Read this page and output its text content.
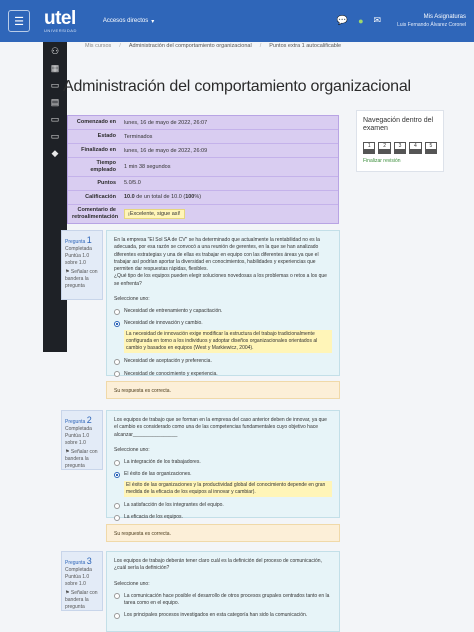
☰ utel
UNIVERSIDAD
Accesos directos ▾	💬 ● ✉	Mis Asignaturas
Luis Fernando Álvarez Coronel
⚇
▦
▭
▤
▭
▭
◆
Mis cursos / Administración del comportamiento organizacional / Puntos extra 1 autocalificable
Administración del comportamiento organizacional
Comenzado en	lunes, 16 de mayo de 2022, 26:07
Estado	Terminados
Finalizado en	lunes, 16 de mayo de 2022, 26:09
Tiempo empleado	1 min 38 segundos
Puntos	5.0/5.0
Calificación	10.0 de un total de 10.0 (100%)
Comentario de retroalimentación	¡Excelente, sigue así!
Navegación dentro del examen
1	2	3	4	5
Finalizar revisión
Pregunta 1
Completada
Puntúa 1.0 sobre 1.0
⚑ Señalar con bandera la pregunta
En la empresa "El Sol SA de CV" se ha determinado que actualmente la rentabilidad no es la adecuada, por esa razón se convocó a una reunión de gerentes, en la que se han analizado diferentes estrategias y una de ellas es trabajar en equipo con las diferentes áreas ya que el trabajar así podrían aportar la diversidad en conocimientos, habilidades y experiencias que permiten dar respuestas rápidas, flexibles.
¿Qué tipo de los equipos pueden elegir soluciones novedosas a los problemas o retos a los que se enfrenta?
Seleccione uno:
Necesidad de entrenamiento y capacitación.
Necesidad de innovación y cambio.
La necesidad de innovación exige modificar la estructura del trabajo tradicionalmente configurada en torno a los individuos y adoptar diseños organizacionales orientados al cambio y basados en equipos (West y Markiewicz, 2004).
Necesidad de aceptación y preferencia.
Necesidad de conocimiento y experiencia.
Su respuesta es correcta.
Pregunta 2
Completada
Puntúa 1.0 sobre 1.0
⚑ Señalar con bandera la pregunta
Los equipos de trabajo que se forman en la empresa del caso anterior deben de innovar, ya que el cambio es considerado como una de las competencias fundamentales cuyo objetivo hace alcanzar________________
Seleccione uno:
La integración de los trabajadores.
El éxito de las organizaciones.
El éxito de las organizaciones y la productividad global del conocimiento depende en gran medida de la eficacia de los equipos al innovar y cambiar).
La satisfacción de los integrantes del equipo.
La eficacia de los equipos.
Su respuesta es correcta.
Pregunta 3
Completada
Puntúa 1.0 sobre 1.0
⚑ Señalar con bandera la pregunta
Los equipos de trabajo deberán tener claro cuál es la definición del proceso de comunicación, ¿cuál sería la definición?
Seleccione uno:
La comunicación hace posible el desarrollo de otros procesos grupales centrados tanto en la tarea como en el equipo.
Los principales procesos investigados en esta categoría han sido la comunicación.
